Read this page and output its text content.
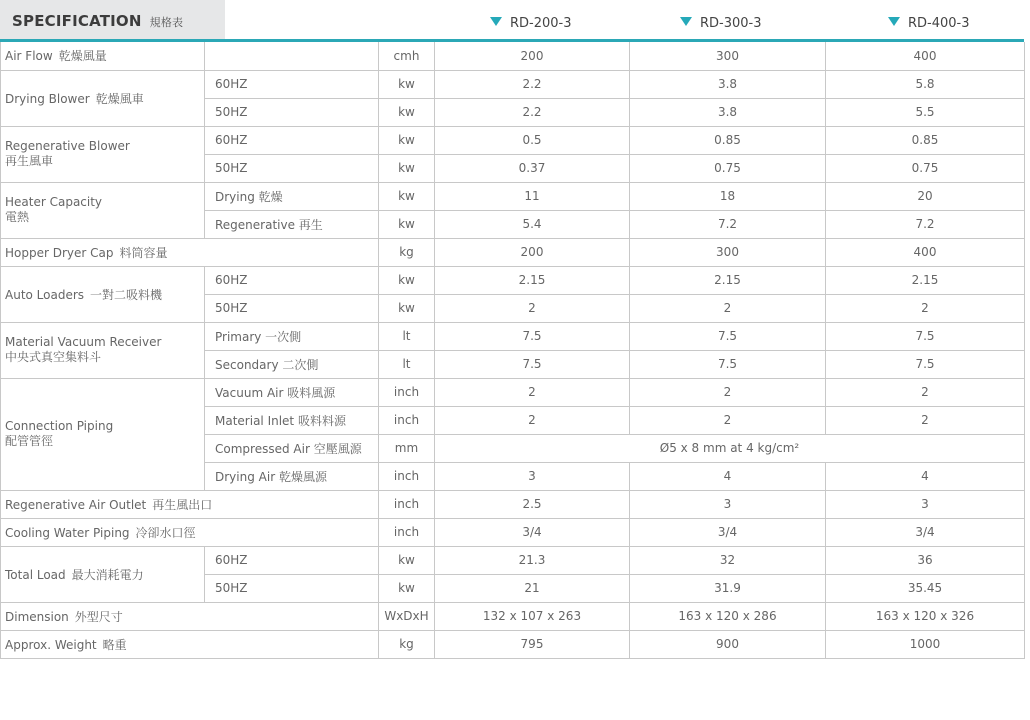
SPECIFICATION 規格表	RD-200-3	RD-300-3	RD-400-3
Air Flow 乾燥風量		cmh	200	300	400
Drying Blower 乾燥風車	60HZ	kw	2.2	3.8	5.8
	50HZ	kw	2.2	3.8	5.5
Regenerative Blower
再生風車	60HZ	kw	0.5	0.85	0.85
	50HZ	kw	0.37	0.75	0.75
Heater Capacity
電熱	Drying 乾燥	kw	11	18	20
	Regenerative 再生	kw	5.4	7.2	7.2
Hopper Dryer Cap 料筒容量		kg	200	300	400
Auto Loaders 一對二吸料機	60HZ	kw	2.15	2.15	2.15
	50HZ	kw	2	2	2
Material Vacuum Receiver
中央式真空集料斗	Primary 一次側	lt	7.5	7.5	7.5
	Secondary 二次側	lt	7.5	7.5	7.5
Connection Piping
配管管徑	Vacuum Air 吸料風源	inch	2	2	2
	Material Inlet 吸料料源	inch	2	2	2
	Compressed Air 空壓風源	mm	Ø5 x 8 mm at 4 kg/cm²		
	Drying Air 乾燥風源	inch	3	4	4
Regenerative Air Outlet 再生風出口		inch	2.5	3	3
Cooling Water Piping 冷卻水口徑		inch	3/4	3/4	3/4
Total Load 最大消耗電力	60HZ	kw	21.3	32	36
	50HZ	kw	21	31.9	35.45
Dimension 外型尺寸		WxDxH	132 x 107 x 263	163 x 120 x 286	163 x 120 x 326
Approx. Weight 略重		kg	795	900	1000
